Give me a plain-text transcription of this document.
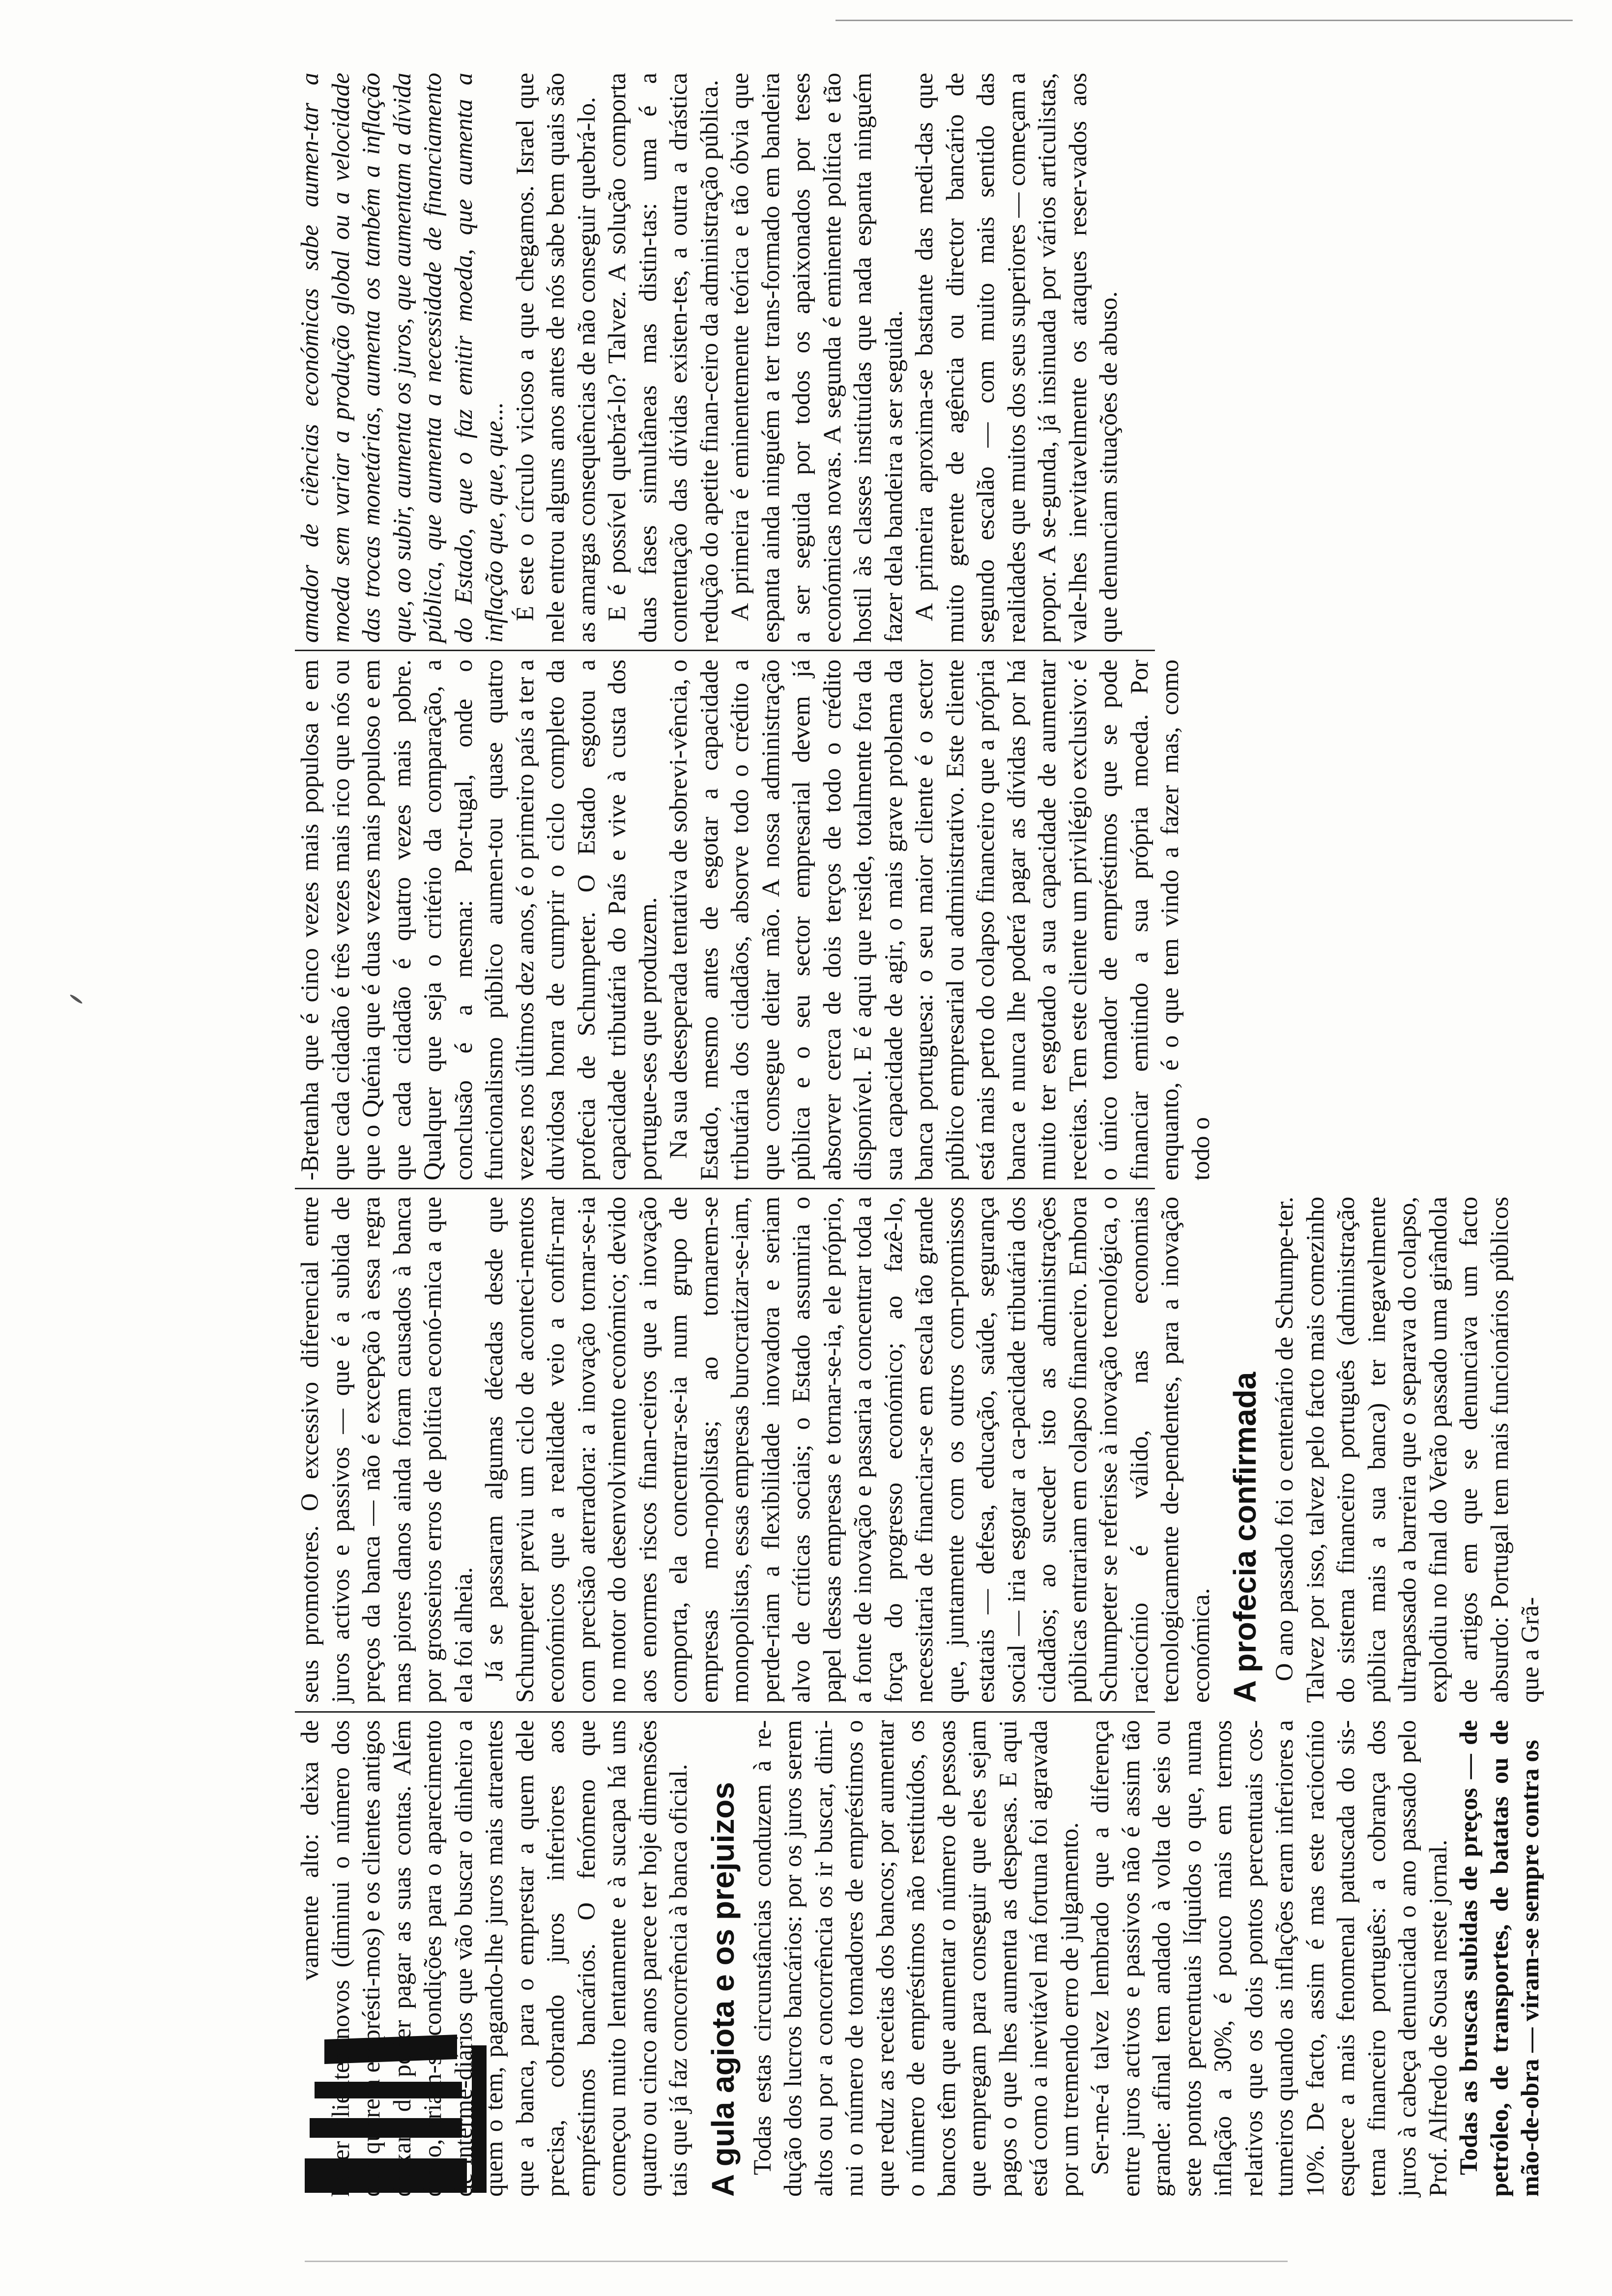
vamente alto: deixa de haver clientes novos (diminui o número dos que querem emprésti-mos) e os clientes antigos deixam de poder pagar as suas contas. Além disso, criam-se condições para o aparecimento de interme-diários que vão buscar o dinheiro a quem o tem, pagando-lhe juros mais atraentes que a banca, para o emprestar a quem dele precisa, cobrando juros inferiores aos empréstimos bancários. O fenómeno que começou muito lentamente e à sucapa há uns quatro ou cinco anos parece ter hoje dimensões tais que já faz concorrência à banca oficial. A gula agiota e os prejuizos Todas estas circunstâncias conduzem à re-dução dos lucros bancários: por os juros serem altos ou por a concorrência os ir buscar, dimi-nui o número de tomadores de empréstimos o que reduz as receitas dos bancos; por aumentar o número de empréstimos não restituídos, os bancos têm que aumentar o número de pessoas que empregam para conseguir que eles sejam pagos o que lhes aumenta as despesas. E aqui está como a inevitável má fortuna foi agravada por um tremendo erro de julgamento. Ser-me-á talvez lembrado que a diferença entre juros activos e passivos não é assim tão grande: afinal tem andado à volta de seis ou sete pontos percentuais líquidos o que, numa inflação a 30%, é pouco mais em termos relativos que os dois pontos percentuais cos-tumeiros quando as inflações eram inferiores a 10%. De facto, assim é mas este raciocínio esquece a mais fenomenal patuscada do sis-tema financeiro português: a cobrança dos juros à cabeça denunciada o ano passado pelo Prof. Alfredo de Sousa neste jornal. Todas as bruscas subidas de preços — de petróleo, de transportes, de batatas ou de mão-de-obra — viram-se sempre contra os

seus promotores. O excessivo diferencial entre juros activos e passivos — que é a subida de preços da banca — não é excepção à essa regra mas piores danos ainda foram causados à banca por grosseiros erros de política econó-mica a que ela foi alheia. Já se passaram algumas décadas desde que Schumpeter previu um ciclo de aconteci-mentos económicos que a realidade veio a confir-mar com precisão aterradora: a inovação tornar-se-ia no motor do desenvolvimento económico; devido aos enormes riscos finan-ceiros que a inovação comporta, ela concentrar-se-ia num grupo de empresas mo-nopolistas; ao tornarem-se monopolistas, essas empresas burocratizar-se-iam, perde-riam a flexibilidade inovadora e seriam alvo de críticas sociais; o Estado assumiria o papel dessas empresas e tornar-se-ia, ele próprio, a fonte de inovação e passaria a concentrar toda a força do progresso económico; ao fazê-lo, necessitaria de financiar-se em escala tão grande que, juntamente com os outros com-promissos estatais — defesa, educação, saúde, segurança social — iria esgotar a ca-pacidade tributária dos cidadãos; ao suceder isto as administrações públicas entrariam em colapso financeiro. Embora Schumpeter se referisse à inovação tecnológica, o raciocínio é válido, nas economias tecnologicamente de-pendentes, para a inovação económica. A profecia confirmada O ano passado foi o centenário de Schumpe-ter. Talvez por isso, talvez pelo facto mais comezinho do sistema financeiro português (administração pública mais a sua banca) ter inegavelmente ultrapassado a barreira que o separava do colapso, explodiu no final do Verão passado uma girândola de artigos em que se denunciava um facto absurdo: Portugal tem mais funcionários públicos que a Grã-

-Bretanha que é cinco vezes mais populosa e em que cada cidadão é três vezes mais rico que nós ou que o Quénia que é duas vezes mais populoso e em que cada cidadão é quatro vezes mais pobre. Qualquer que seja o critério da comparação, a conclusão é a mesma: Por-tugal, onde o funcionalismo público aumen-tou quase quatro vezes nos últimos dez anos, é o primeiro país a ter a duvidosa honra de cumprir o ciclo completo da profecia de Schumpeter. O Estado esgotou a capacidade tributária do País e vive à custa dos portugue-ses que produzem. Na sua desesperada tentativa de sobrevi-vência, o Estado, mesmo antes de esgotar a capacidade tributária dos cidadãos, absorve todo o crédito a que consegue deitar mão. A nossa administração pública e o seu sector empresarial devem já absorver cerca de dois terços de todo o crédito disponível. E é aqui que reside, totalmente fora da sua capacidade de agir, o mais grave problema da banca portuguesa: o seu maior cliente é o sector público empresarial ou administrativo. Este cliente está mais perto do colapso financeiro que a própria banca e nunca lhe poderá pagar as dívidas por há muito ter esgotado a sua capacidade de aumentar receitas. Tem este cliente um privilégio exclusivo: é o único tomador de empréstimos que se pode financiar emitindo a sua própria moeda. Por enquanto, é o que tem vindo a fazer mas, como todo o

amador de ciências económicas sabe aumen-tar a moeda sem variar a produção global ou a velocidade das trocas monetárias, aumenta os também a inflação que, ao subir, aumenta os juros, que aumentam a dívida pública, que aumenta a necessidade de financiamento do Estado, que o faz emitir moeda, que aumenta a inflação que, que, que... É este o círculo vicioso a que chegamos. Israel que nele entrou alguns anos antes de nós sabe bem quais são as amargas consequências de não conseguir quebrá-lo. E é possível quebrá-lo? Talvez. A solução comporta duas fases simultâneas mas distin-tas: uma é a contentação das dívidas existen-tes, a outra a drástica redução do apetite finan-ceiro da administração pública. A primeira é eminentemente teórica e tão óbvia que espanta ainda ninguém a ter trans-formado em bandeira a ser seguida por todos os apaixonados por teses económicas novas. A segunda é eminente política e tão hostil às classes instituídas que nada espanta ninguém fazer dela bandeira a ser seguida. A primeira aproxima-se bastante das medi-das que muito gerente de agência ou director bancário de segundo escalão — com muito mais sentido das realidades que muitos dos seus superiores — começam a propor. A se-gunda, já insinuada por vários articulistas, vale-lhes inevitavelmente os ataques reser-vados aos que denunciam situações de abuso.
